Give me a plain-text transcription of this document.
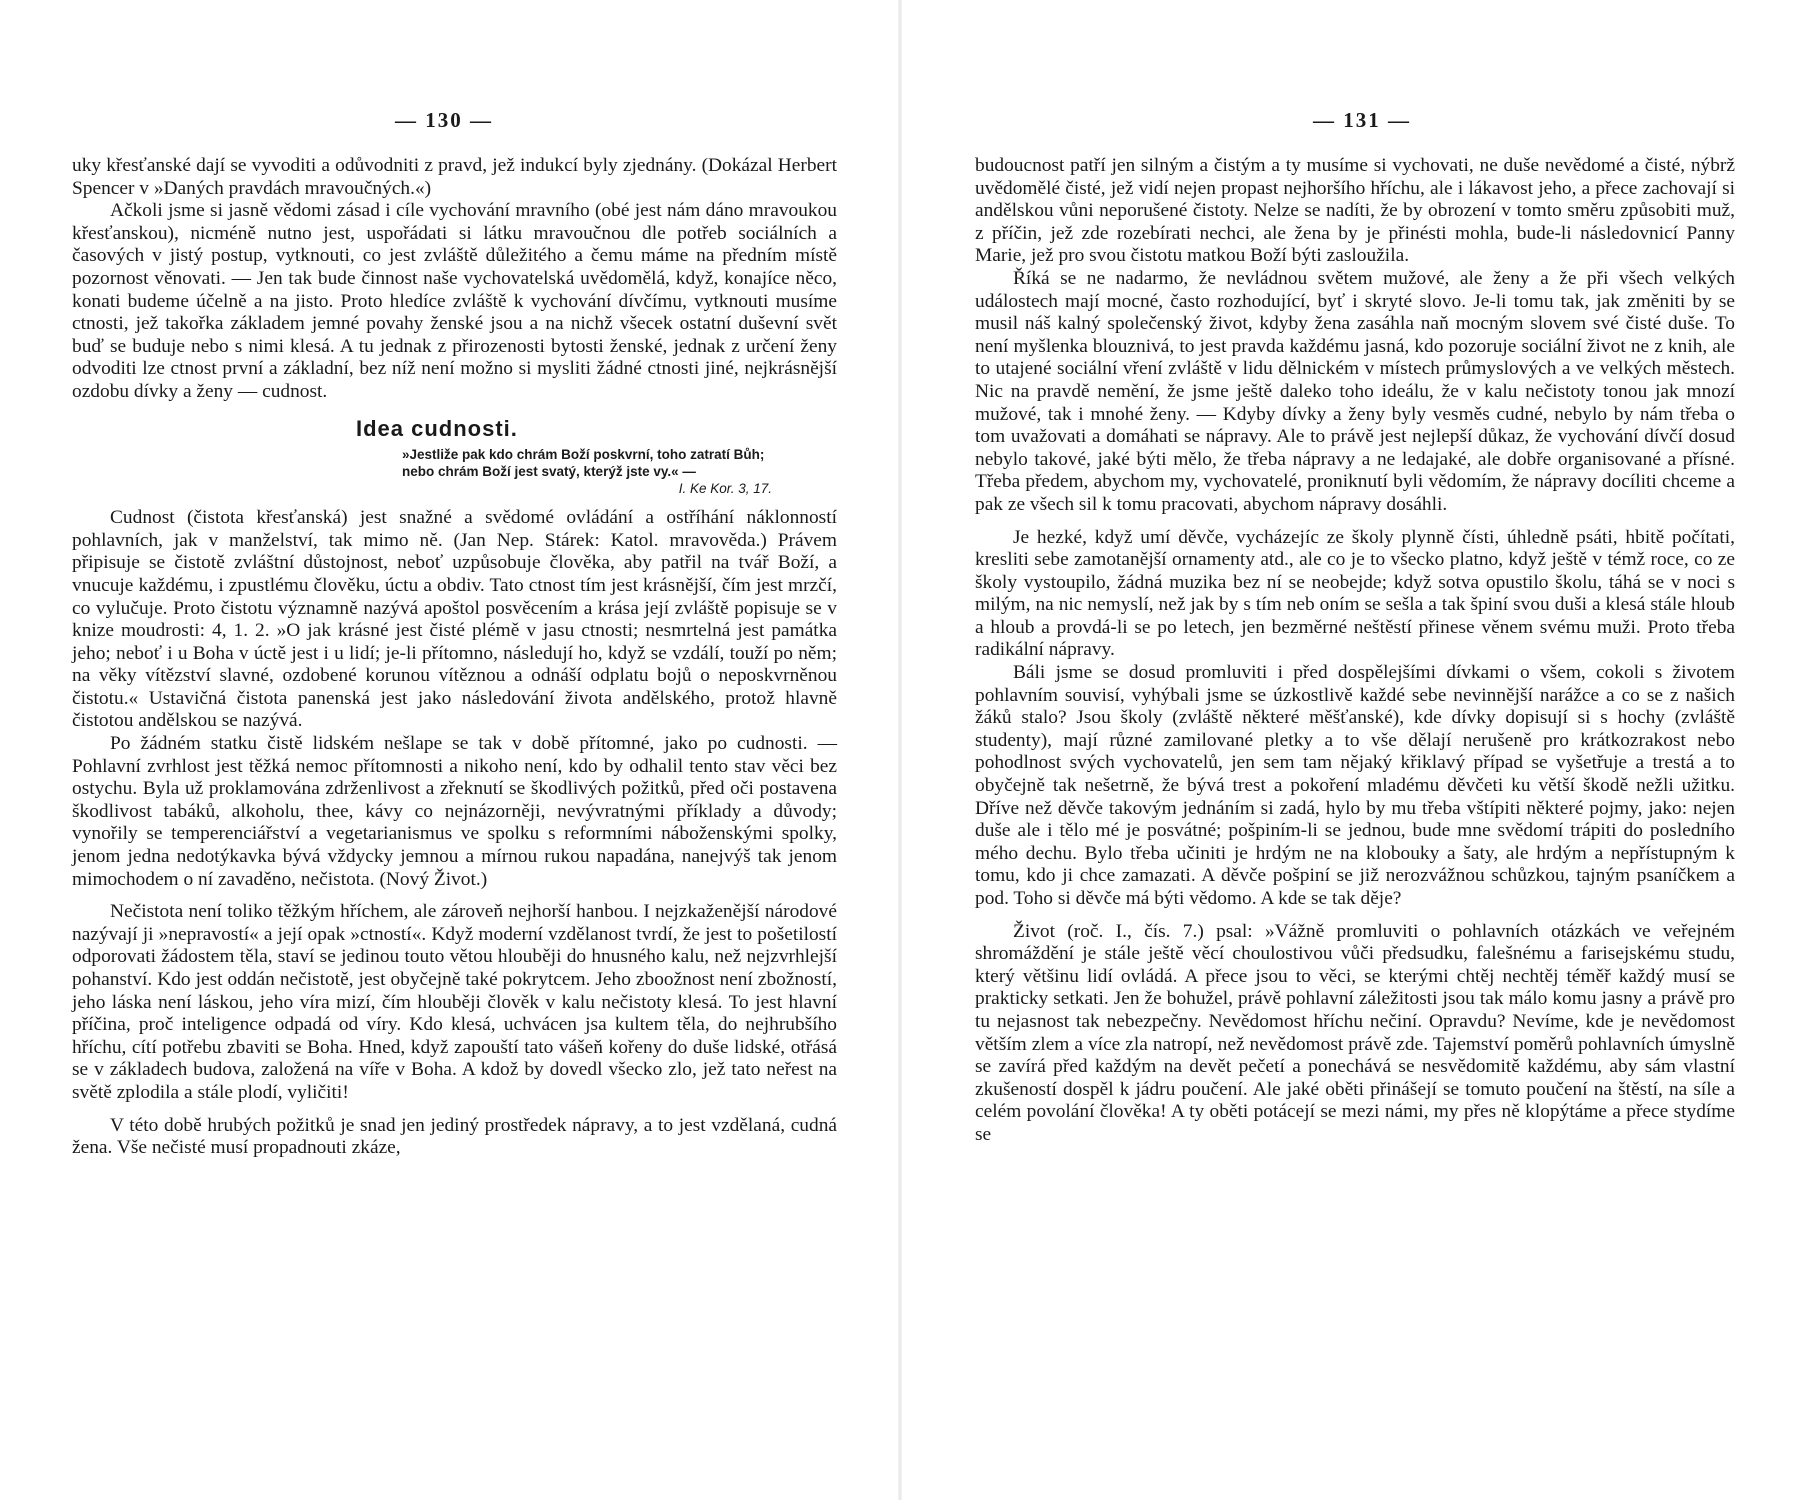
— 130 —

uky křesťanské dají se vyvoditi a odůvodniti z pravd, jež indukcí byly zjednány. (Dokázal Herbert Spencer v »Daných pravdách mravoučných.«)

Ačkoli jsme si jasně vědomi zásad i cíle vychování mravního (obé jest nám dáno mravoukou křesťanskou), nicméně nutno jest, uspořádati si látku mravoučnou dle potřeb sociálních a časových v jistý postup, vytknouti, co jest zvláště důležitého a čemu máme na předním místě pozornost věnovati. — Jen tak bude činnost naše vychovatelská uvědomělá, když, konajíce něco, konati budeme účelně a na jisto. Proto hledíce zvláště k vychování dívčímu, vytknouti musíme ctnosti, jež takořka základem jemné povahy ženské jsou a na nichž všecek ostatní duševní svět buď se buduje nebo s nimi klesá. A tu jednak z přirozenosti bytosti ženské, jednak z určení ženy odvoditi lze ctnost první a základní, bez níž není možno si mysliti žádné ctnosti jiné, nejkrásnější ozdobu dívky a ženy — cudnost.

Idea cudnosti.
»Jestliže pak kdo chrám Boží poskvrní, toho zatratí Bůh; nebo chrám Boží jest svatý, kterýž jste vy.« —
I. Ke Kor. 3, 17.

Cudnost (čistota křesťanská) jest snažné a svědomé ovládání a ostříhání náklonností pohlavních, jak v manželství, tak mimo ně. (Jan Nep. Stárek: Katol. mravověda.) Právem připisuje se čistotě zvláštní důstojnost, neboť uzpůsobuje člověka, aby patřil na tvář Boží, a vnucuje každému, i zpustlému člověku, úctu a obdiv. Tato ctnost tím jest krásnější, čím jest mrzčí, co vylučuje. Proto čistotu významně nazývá apoštol posvěcením a krása její zvláště popisuje se v knize moudrosti: 4, 1. 2. »O jak krásné jest čisté plémě v jasu ctnosti; nesmrtelná jest památka jeho; neboť i u Boha v úctě jest i u lidí; je-li přítomno, následují ho, když se vzdálí, touží po něm; na věky vítězství slavné, ozdobené korunou vítěznou a odnáší odplatu bojů o neposkvrněnou čistotu.« Ustavičná čistota panenská jest jako následování života andělského, protož hlavně čistotou andělskou se nazývá.

Po žádném statku čistě lidském nešlape se tak v době přítomné, jako po cudnosti. — Pohlavní zvrhlost jest těžká nemoc přítomnosti a nikoho není, kdo by odhalil tento stav věci bez ostychu. Byla už proklamována zdrženlivost a zřeknutí se škodlivých požitků, před oči postavena škodlivost tabáků, alkoholu, thee, kávy co nejnázorněji, nevývratnými příklady a důvody; vynořily se temperenciářství a vegetarianismus ve spolku s reformními náboženskými spolky, jenom jedna nedotýkavka bývá vždycky jemnou a mírnou rukou napadána, nanejvýš tak jenom mimochodem o ní zavaděno, nečistota. (Nový Život.)

Nečistota není toliko těžkým hříchem, ale zároveň nejhorší hanbou. I nejzkaženější národové nazývají ji »nepravostí« a její opak »ctností«. Když moderní vzdělanost tvrdí, že jest to pošetilostí odporovati žádostem těla, staví se jedinou touto větou hlouběji do hnusného kalu, než nejzvrhlejší pohanství. Kdo jest oddán nečistotě, jest obyčejně také pokrytcem. Jeho zboožnost není zbožností, jeho láska není láskou, jeho víra mizí, čím hlouběji člověk v kalu nečistoty klesá. To jest hlavní příčina, proč inteligence odpadá od víry. Kdo klesá, uchvácen jsa kultem těla, do nejhrubšího hříchu, cítí potřebu zbaviti se Boha. Hned, když zapouští tato vášeň kořeny do duše lidské, otřásá se v základech budova, založená na víře v Boha. A kdož by dovedl všecko zlo, jež tato neřest na světě zplodila a stále plodí, vyličiti!

V této době hrubých požitků je snad jen jediný prostředek nápravy, a to jest vzdělaná, cudná žena. Vše nečisté musí propadnouti zkáze,

— 131 —

budoucnost patří jen silným a čistým a ty musíme si vychovati, ne duše nevědomé a čisté, nýbrž uvědomělé čisté, jež vidí nejen propast nejhoršího hříchu, ale i lákavost jeho, a přece zachovají si andělskou vůni neporušené čistoty. Nelze se nadíti, že by obrození v tomto směru způsobiti muž, z příčin, jež zde rozebírati nechci, ale žena by je přinésti mohla, bude-li následovnicí Panny Marie, jež pro svou čistotu matkou Boží býti zasloužila.

Říká se ne nadarmo, že nevládnou světem mužové, ale ženy a že při všech velkých událostech mají mocné, často rozhodující, byť i skryté slovo. Je-li tomu tak, jak změniti by se musil náš kalný společenský život, kdyby žena zasáhla naň mocným slovem své čisté duše. To není myšlenka blouznivá, to jest pravda každému jasná, kdo pozoruje sociální život ne z knih, ale to utajené sociální vření zvláště v lidu dělnickém v místech průmyslových a ve velkých městech. Nic na pravdě nemění, že jsme ještě daleko toho ideálu, že v kalu nečistoty tonou jak mnozí mužové, tak i mnohé ženy. — Kdyby dívky a ženy byly vesměs cudné, nebylo by nám třeba o tom uvažovati a domáhati se nápravy. Ale to právě jest nejlepší důkaz, že vychování dívčí dosud nebylo takové, jaké býti mělo, že třeba nápravy a ne ledajaké, ale dobře organisované a přísné. Třeba předem, abychom my, vychovatelé, proniknutí byli vědomím, že nápravy docíliti chceme a pak ze všech sil k tomu pracovati, abychom nápravy dosáhli.

Je hezké, když umí děvče, vycházejíc ze školy plynně čísti, úhledně psáti, hbitě počítati, kresliti sebe zamotanější ornamenty atd., ale co je to všecko platno, když ještě v témž roce, co ze školy vystoupilo, žádná muzika bez ní se neobejde; když sotva opustilo školu, táhá se v noci s milým, na nic nemyslí, než jak by s tím neb oním se sešla a tak špiní svou duši a klesá stále hloub a hloub a provdá-li se po letech, jen bezměrné neštěstí přinese věnem svému muži. Proto třeba radikální nápravy.

Báli jsme se dosud promluviti i před dospělejšími dívkami o všem, cokoli s životem pohlavním souvisí, vyhýbali jsme se úzkostlivě každé sebe nevinnější narážce a co se z našich žáků stalo? Jsou školy (zvláště některé měšťanské), kde dívky dopisují si s hochy (zvláště studenty), mají různé zamilované pletky a to vše dělají nerušeně pro krátkozrakost nebo pohodlnost svých vychovatelů, jen sem tam nějaký křiklavý případ se vyšetřuje a trestá a to obyčejně tak nešetrně, že bývá trest a pokoření mladému děvčeti ku větší škodě nežli užitku. Dříve než děvče takovým jednáním si zadá, hylo by mu třeba vštípiti některé pojmy, jako: nejen duše ale i tělo mé je posvátné; pošpiním-li se jednou, bude mne svědomí trápiti do posledního mého dechu. Bylo třeba učiniti je hrdým ne na klobouky a šaty, ale hrdým a nepřístupným k tomu, kdo ji chce zamazati. A děvče pošpiní se již nerozvážnou schůzkou, tajným psaníčkem a pod. Toho si děvče má býti vědomo. A kde se tak děje?

Život (roč. I., čís. 7.) psal: »Vážně promluviti o pohlavních otázkách ve veřejném shromáždění je stále ještě věcí choulostivou vůči předsudku, falešnému a farisejskému studu, který většinu lidí ovládá. A přece jsou to věci, se kterými chtěj nechtěj téměř každý musí se prakticky setkati. Jen že bohužel, právě pohlavní záležitosti jsou tak málo komu jasny a právě pro tu nejasnost tak nebezpečny. Nevědomost hříchu nečiní. Opravdu? Nevíme, kde je nevědomost větším zlem a více zla natropí, než nevědomost právě zde. Tajemství poměrů pohlavních úmyslně se zavírá před každým na devět pečetí a ponechává se nesvědomitě každému, aby sám vlastní zkušeností dospěl k jádru poučení. Ale jaké oběti přinášejí se tomuto poučení na štěstí, na síle a celém povolání člověka! A ty oběti potácejí se mezi námi, my přes ně klopýtáme a přece stydíme se
